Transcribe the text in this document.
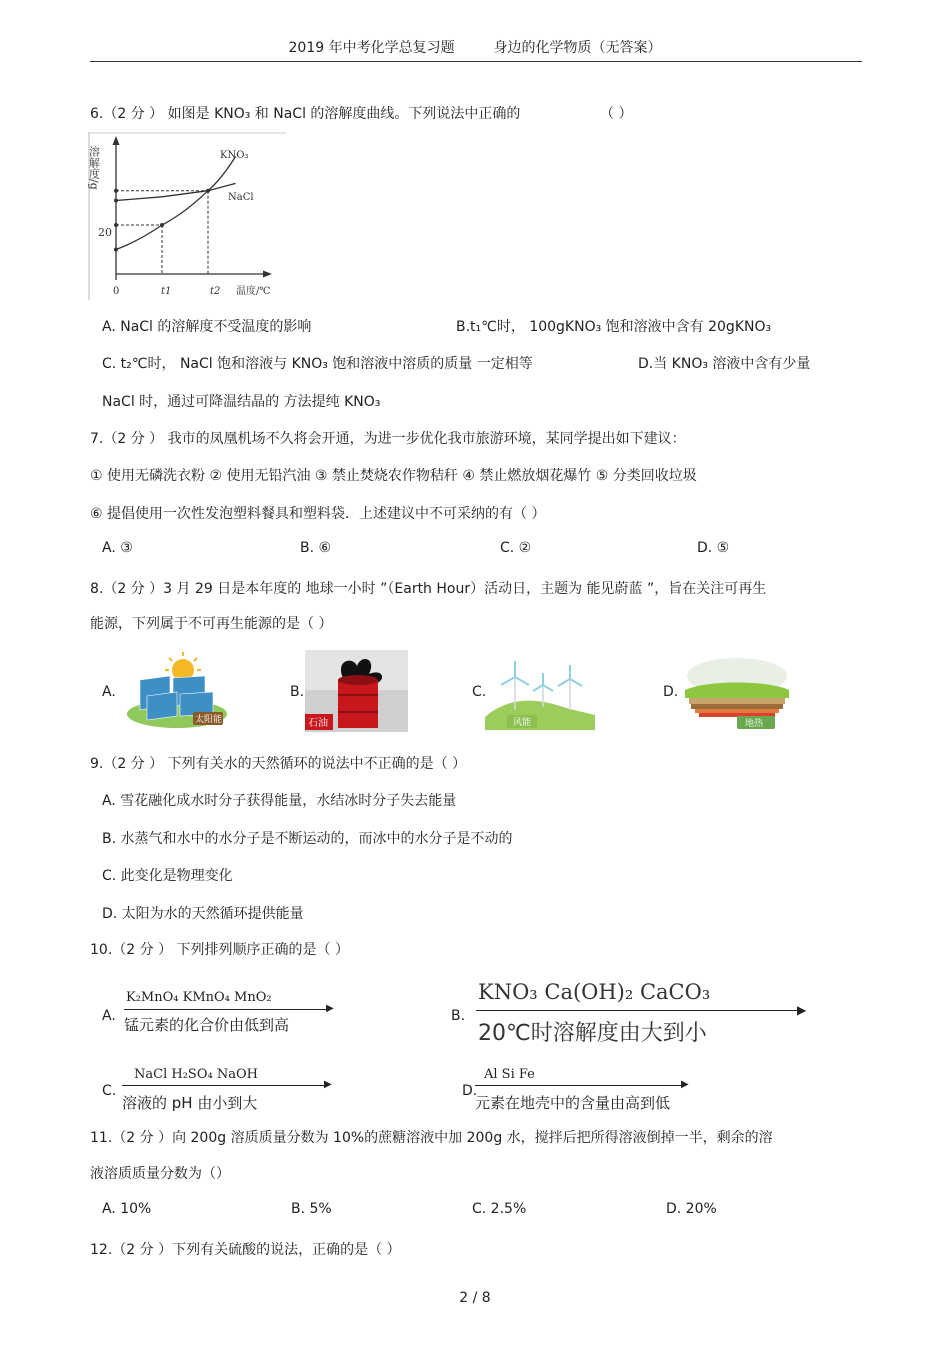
2019 年中考化学总复习题	身边的化学物质（无答案）
6.（2 分 ） 如图是 KNO₃ 和 NaCl 的溶解度曲线。下列说法中正确的	（ ）
溶解度/g
20
0	t1	t2 温度/℃
KNO₃
NaCl
A. NaCl 的溶解度不受温度的影响	B.t₁℃时， 100gKNO₃ 饱和溶液中含有 20gKNO₃
C. t₂℃时， NaCl 饱和溶液与 KNO₃ 饱和溶液中溶质的质量 一定相等	D.当 KNO₃ 溶液中含有少量
NaCl 时，通过可降温结晶的 方法提纯 KNO₃
7.（2 分 ） 我市的凤凰机场不久将会开通，为进一步优化我市旅游环境，某同学提出如下建议：
① 使用无磷洗衣粉 ② 使用无铅汽油 ③ 禁止焚烧农作物秸秆 ④ 禁止燃放烟花爆竹 ⑤ 分类回收垃圾
⑥ 提倡使用一次性发泡塑料餐具和塑料袋．上述建议中不可采纳的有（ ）
A. ③	B. ⑥	C. ②	D. ⑤
8.（2 分 ）3 月 29 日是本年度的 地球一小时 ”（Earth Hour）活动日，主题为 能见蔚蓝 ”，旨在关注可再生
能源，下列属于不可再生能源的是（ ）
A.
太阳能
B.
石油
C.
风能
D.
地热
9.（2 分 ） 下列有关水的天然循环的说法中不正确的是（ ）
A. 雪花融化成水时分子获得能量，水结冰时分子失去能量
B. 水蒸气和水中的水分子是不断运动的，而冰中的水分子是不动的
C. 此变化是物理变化
D. 太阳为水的天然循环提供能量
10.（2 分 ） 下列排列顺序正确的是（ ）
A.
K₂MnO₄ KMnO₄ MnO₂
▶
锰元素的化合价由低到高	B.
KNO₃ Ca(OH)₂ CaCO₃
▶
20℃时溶解度由大到小
C.
NaCl H₂SO₄ NaOH
▶
溶液的 pH 由小到大
D.
Al Si Fe
▶
元素在地壳中的含量由高到低
11.（2 分 ）向 200g 溶质质量分数为 10%的蔗糖溶液中加 200g 水，搅拌后把所得溶液倒掉一半，剩余的溶
液溶质质量分数为（）
A. 10%	B. 5%	C. 2.5%	D. 20%
12.（2 分 ）下列有关硫酸的说法，正确的是（ ）
2 / 8
